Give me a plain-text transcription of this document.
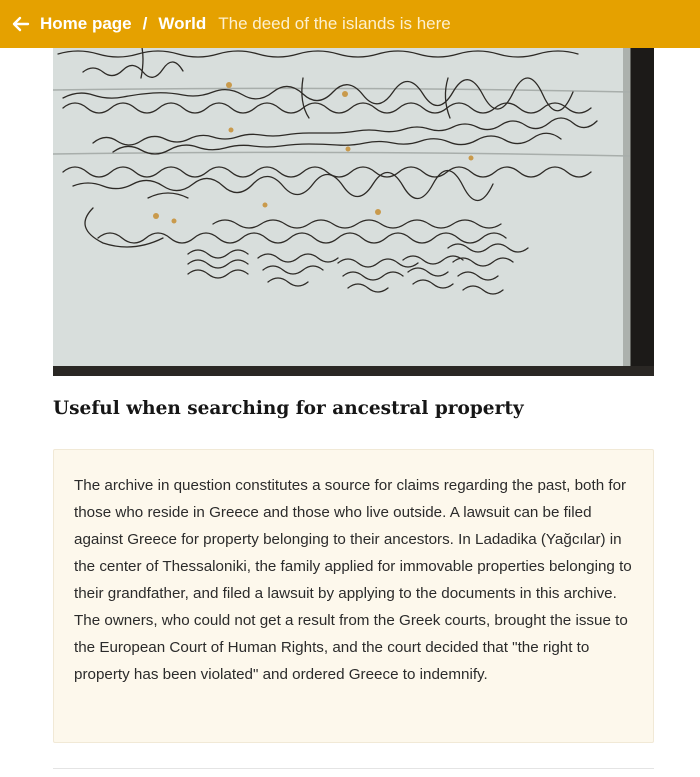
Home page / World The deed of the islands is here
Useful when searching for ancestral property

The archive in question constitutes a source for claims regarding the past, both for those who reside in Greece and those who live outside. A lawsuit can be filed against Greece for property belonging to their ancestors. In Ladadika (Yağcılar) in the center of Thessaloniki, the family applied for immovable properties belonging to their grandfather, and filed a lawsuit by applying to the documents in this archive. The owners, who could not get a result from the Greek courts, brought the issue to the European Court of Human Rights, and the court decided that "the right to property has been violated" and ordered Greece to indemnify.
